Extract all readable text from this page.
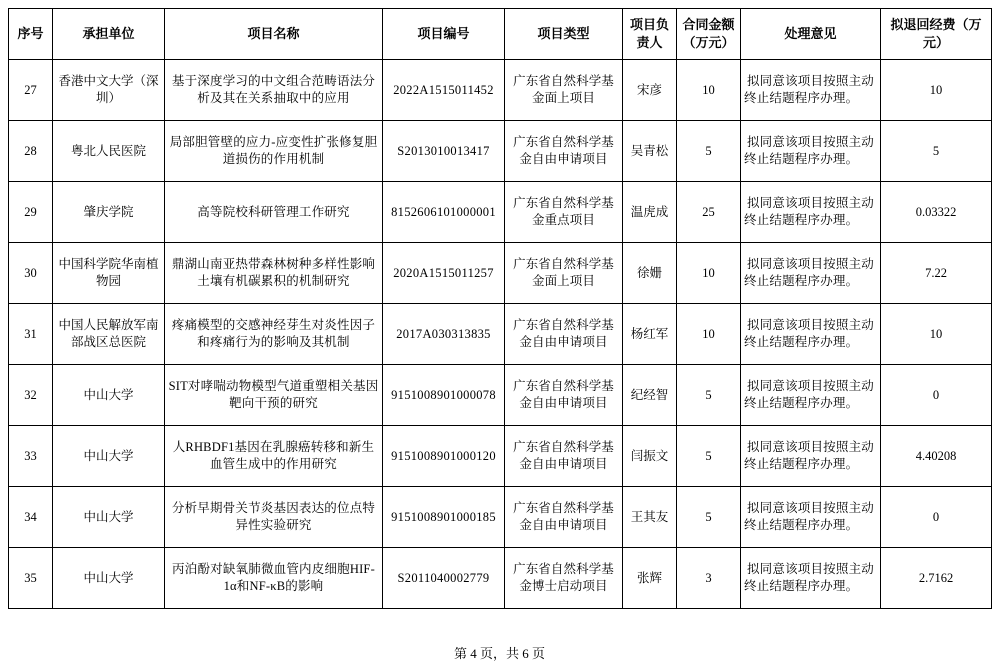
序号	承担单位	项目名称	项目编号	项目类型	项目负责人	合同金额（万元）	处理意见	拟退回经费（万元）
27	香港中文大学（深圳）	基于深度学习的中文组合范畴语法分析及其在关系抽取中的应用	2022A1515011452	广东省自然科学基金面上项目	宋彦	10	拟同意该项目按照主动终止结题程序办理。	10
28	粤北人民医院	局部胆管壁的应力-应变性扩张修复胆道损伤的作用机制	S2013010013417	广东省自然科学基金自由申请项目	吴青松	5	拟同意该项目按照主动终止结题程序办理。	5
29	肇庆学院	高等院校科研管理工作研究	8152606101000001	广东省自然科学基金重点项目	温虎成	25	拟同意该项目按照主动终止结题程序办理。	0.03322
30	中国科学院华南植物园	鼎湖山南亚热带森林树种多样性影响土壤有机碳累积的机制研究	2020A1515011257	广东省自然科学基金面上项目	徐姗	10	拟同意该项目按照主动终止结题程序办理。	7.22
31	中国人民解放军南部战区总医院	疼痛模型的交感神经芽生对炎性因子和疼痛行为的影响及其机制	2017A030313835	广东省自然科学基金自由申请项目	杨红军	10	拟同意该项目按照主动终止结题程序办理。	10
32	中山大学	SIT对哮喘动物模型气道重塑相关基因靶向干预的研究	9151008901000078	广东省自然科学基金自由申请项目	纪经智	5	拟同意该项目按照主动终止结题程序办理。	0
33	中山大学	人RHBDF1基因在乳腺癌转移和新生血管生成中的作用研究	9151008901000120	广东省自然科学基金自由申请项目	闫振文	5	拟同意该项目按照主动终止结题程序办理。	4.40208
34	中山大学	分析早期骨关节炎基因表达的位点特异性实验研究	9151008901000185	广东省自然科学基金自由申请项目	王其友	5	拟同意该项目按照主动终止结题程序办理。	0
35	中山大学	丙泊酚对缺氧肺微血管内皮细胞HIF-1α和NF-κB的影响	S2011040002779	广东省自然科学基金博士启动项目	张辉	3	拟同意该项目按照主动终止结题程序办理。	2.7162
第 4 页，共 6 页
